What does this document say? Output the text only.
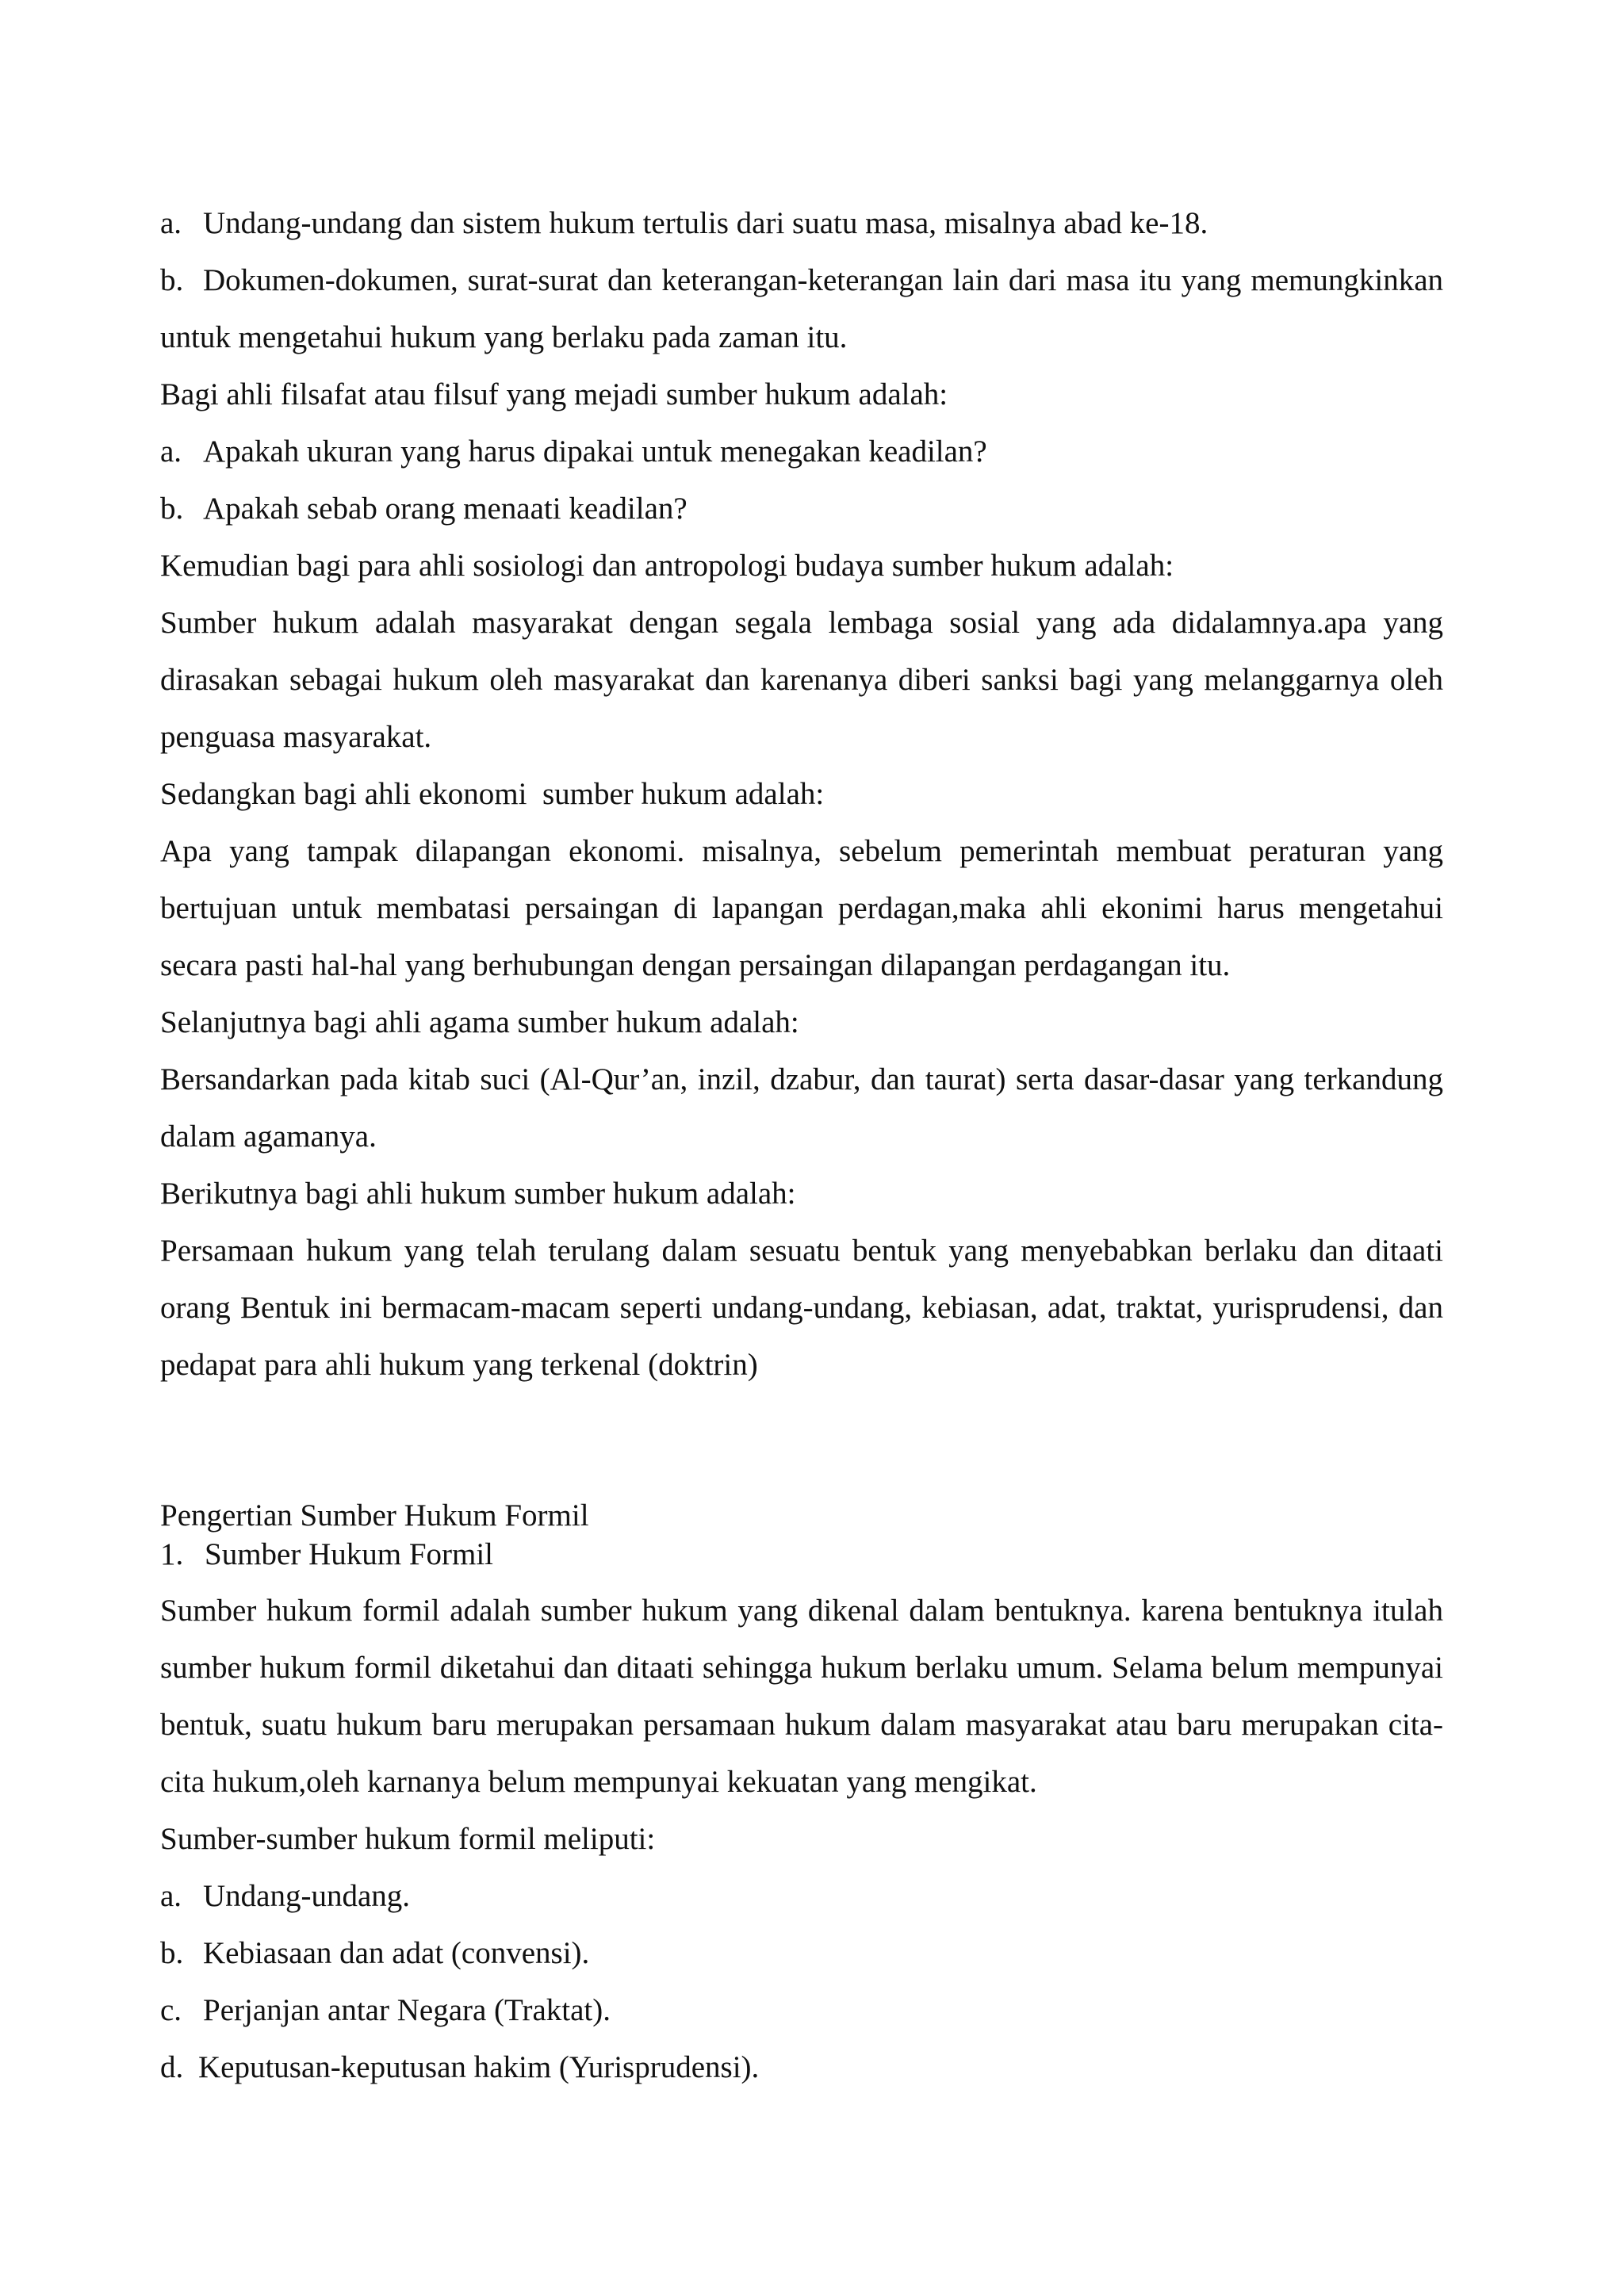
a. Undang-undang dan sistem hukum tertulis dari suatu masa, misalnya abad ke-18.
b. Dokumen-dokumen, surat-surat dan keterangan-keterangan lain dari masa itu yang memungkinkan untuk mengetahui hukum yang berlaku pada zaman itu.
Bagi ahli filsafat atau filsuf yang mejadi sumber hukum adalah:
a. Apakah ukuran yang harus dipakai untuk menegakan keadilan?
b. Apakah sebab orang menaati keadilan?
Kemudian bagi para ahli sosiologi dan antropologi budaya sumber hukum adalah:
Sumber hukum adalah masyarakat dengan segala lembaga sosial yang ada didalamnya.apa yang dirasakan sebagai hukum oleh masyarakat dan karenanya diberi sanksi bagi yang melanggarnya oleh penguasa masyarakat.
Sedangkan bagi ahli ekonomi  sumber hukum adalah:
Apa yang tampak dilapangan ekonomi. misalnya, sebelum pemerintah membuat peraturan yang bertujuan untuk membatasi persaingan di lapangan perdagan,maka ahli ekonimi harus mengetahui secara pasti hal-hal yang berhubungan dengan persaingan dilapangan perdagangan itu.
Selanjutnya bagi ahli agama sumber hukum adalah:
Bersandarkan pada kitab suci (Al-Qur’an, inzil, dzabur, dan taurat) serta dasar-dasar yang terkandung dalam agamanya.
Berikutnya bagi ahli hukum sumber hukum adalah:
Persamaan hukum yang telah terulang dalam sesuatu bentuk yang menyebabkan berlaku dan ditaati orang Bentuk ini bermacam-macam seperti undang-undang, kebiasan, adat, traktat, yurisprudensi, dan pedapat para ahli hukum yang terkenal (doktrin)
Pengertian Sumber Hukum Formil
1. Sumber Hukum Formil
Sumber hukum formil adalah sumber hukum yang dikenal dalam bentuknya. karena bentuknya itulah sumber hukum formil diketahui dan ditaati sehingga hukum berlaku umum. Selama belum mempunyai bentuk, suatu hukum baru merupakan persamaan hukum dalam masyarakat atau baru merupakan cita-cita hukum,oleh karnanya belum mempunyai kekuatan yang mengikat.
Sumber-sumber hukum formil meliputi:
a. Undang-undang.
b. Kebiasaan dan adat (convensi).
c. Perjanjan antar Negara (Traktat).
d. Keputusan-keputusan hakim (Yurisprudensi).
